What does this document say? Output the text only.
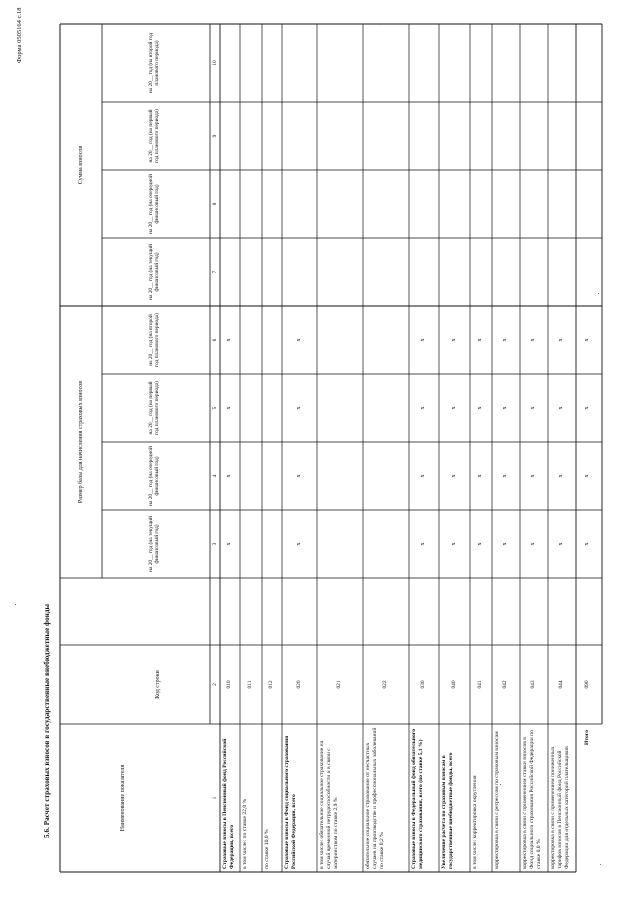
5.6. Расчет страховых взносов в государственные внебюджетные фонды
Форма 0505164 с.18
Наименование показателя
Код строки
Размер базы для начисления страховых взносов
Сумма взносов
на 20__ год (на текущий финансовый год)
на 20__ год (на очередной финансовый год)
на 20__ год (на первый год планового периода)
на 20__ год (на второй год планового периода)
на 20__ год (на текущий финансовый год)
на 20__ год (на очередной финансовый год)
на 20__ год (на первый год планового периода)
на 20__ год (на второй год планового периода)
1
2
3
4
5
6
7
8
9
10
Страховые взносы в Пенсионный фонд Российской Федерации, всего
010
x
x
x
x
в том числе: по ставке 22,0 %
011
по ставке 10,0 %
012
Страховые взносы в Фонд социального страхования Российской Федерации, всего
020
x
x
x
x
в том числе: обязательное социальное страхование на случай временной нетрудоспособности и в связи с материнством по ставке 2,9 %
021
обязательное социальное страхование от несчастных случаев на производстве и профессиональных заболеваний по ставке 0,2 %
022
Страховые взносы в Федеральный фонд обязательного медицинского страхования, всего (по ставке 5,1 %)
030
x
x
x
x
Увеличение расчета по страховым взносам в государственные внебюджетные фонды, всего
040
x
x
x
x
в том числе: корректировка округления
041
x
x
x
x
корректировка в связи с ретрессом по страховым взносам
042
x
x
x
x
корректировка в связи с применением ставки взносов в Фонд социального страхования Российской Федерации по ставке 0,0 %
043
x
x
x
x
корректировка в связи с применением пониженных тарифов взносов в Пенсионный фонд Российской Федерации для отдельных категорий плательщиков
044
x
x
x
x
Итого
090
x
x
x
x
